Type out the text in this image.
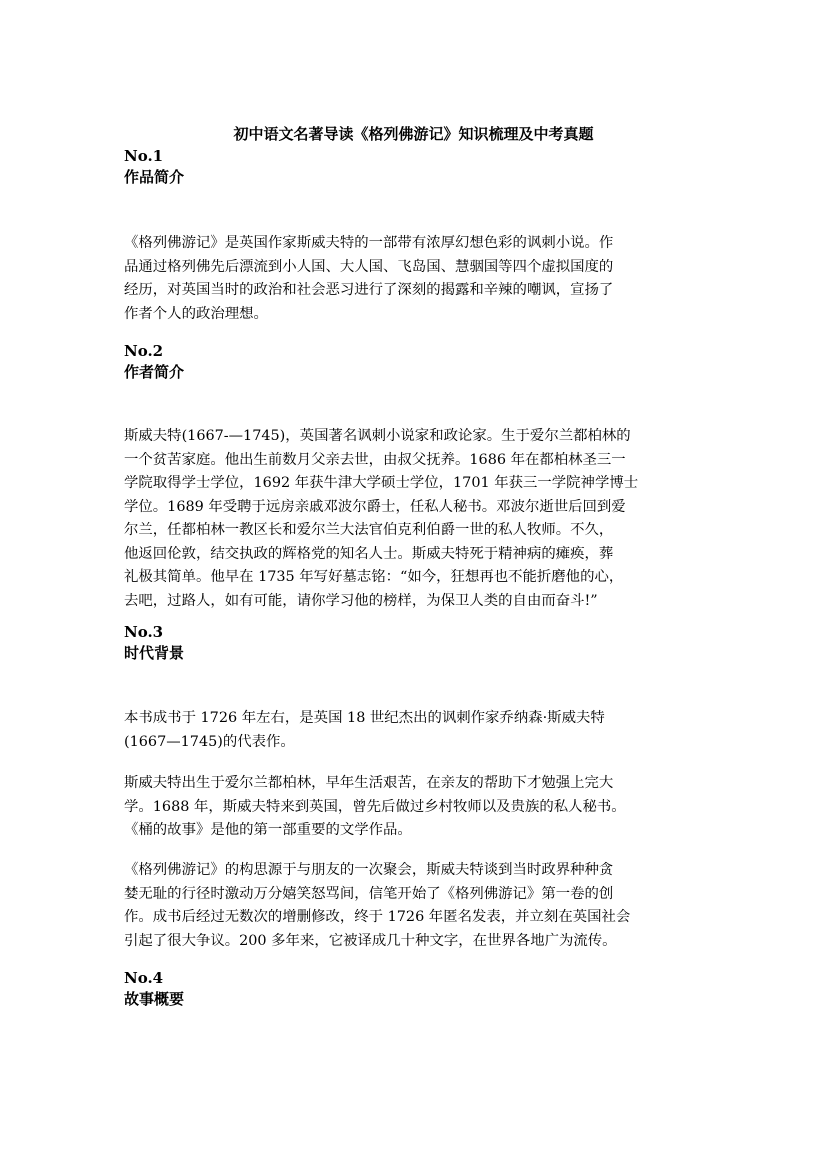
初中语文名著导读《格列佛游记》知识梳理及中考真题
No.1
作品简介
《格列佛游记》是英国作家斯威夫特的一部带有浓厚幻想色彩的讽刺小说。作
品通过格列佛先后漂流到小人国、大人国、飞岛国、慧骃国等四个虚拟国度的
经历，对英国当时的政治和社会恶习进行了深刻的揭露和辛辣的嘲讽，宣扬了
作者个人的政治理想。
No.2
作者简介
斯威夫特(1667-—1745)，英国著名讽刺小说家和政论家。生于爱尔兰都柏林的
一个贫苦家庭。他出生前数月父亲去世，由叔父抚养。1686 年在都柏林圣三一
学院取得学士学位，1692 年获牛津大学硕士学位，1701 年获三一学院神学博士
学位。1689 年受聘于远房亲戚邓波尔爵士，任私人秘书。邓波尔逝世后回到爱
尔兰，任都柏林一教区长和爱尔兰大法官伯克利伯爵一世的私人牧师。不久，
他返回伦敦，结交执政的辉格党的知名人士。斯威夫特死于精神病的瘫痪，葬
礼极其简单。他早在 1735 年写好墓志铭：“如今，狂想再也不能折磨他的心，
去吧，过路人，如有可能，请你学习他的榜样，为保卫人类的自由而奋斗!”
No.3
时代背景
本书成书于 1726 年左右，是英国 18 世纪杰出的讽刺作家乔纳森·斯威夫特
(1667—1745)的代表作。
斯威夫特出生于爱尔兰都柏林，早年生活艰苦，在亲友的帮助下才勉强上完大
学。1688 年，斯威夫特来到英国，曾先后做过乡村牧师以及贵族的私人秘书。
《桶的故事》是他的第一部重要的文学作品。
《格列佛游记》的构思源于与朋友的一次聚会，斯威夫特谈到当时政界种种贪
婪无耻的行径时激动万分嬉笑怒骂间，信笔开始了《格列佛游记》第一卷的创
作。成书后经过无数次的增删修改，终于 1726 年匿名发表，并立刻在英国社会
引起了很大争议。200 多年来，它被译成几十种文字，在世界各地广为流传。
No.4
故事概要
